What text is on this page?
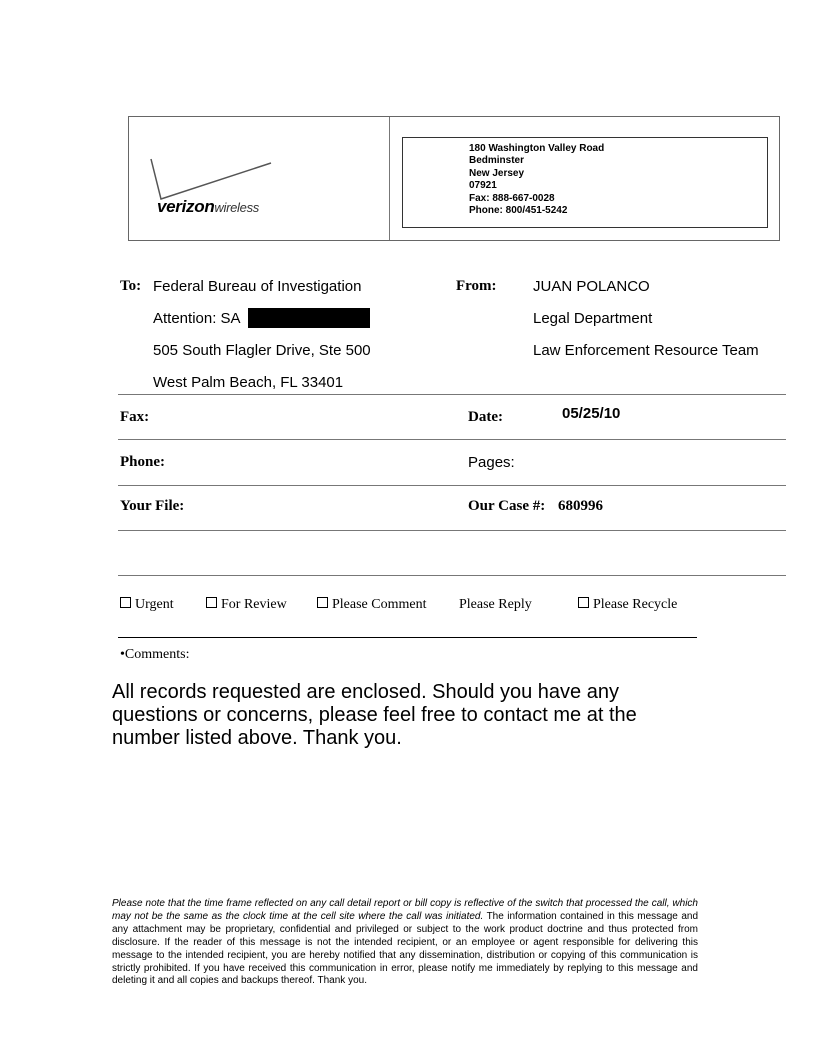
verizonwireless
180 Washington Valley Road
Bedminster
New Jersey
07921
Fax: 888-667-0028
Phone: 800/451-5242
To: Federal Bureau of Investigation
Attention: SA
505 South Flagler Drive, Ste 500
West Palm Beach, FL 33401
From: JUAN POLANCO
Legal Department
Law Enforcement Resource Team
Fax:	Date:	05/25/10
Phone:	Pages:
Your File:	Our Case #: 680996
Urgent	For Review	Please Comment Please Reply	Please Recycle
•Comments:
All records requested are enclosed. Should you have any questions or concerns, please feel free to contact me at the number listed above. Thank you.
Please note that the time frame reflected on any call detail report or bill copy is reflective of the switch that processed the call, which may not be the same as the clock time at the cell site where the call was initiated. The information contained in this message and any attachment may be proprietary, confidential and privileged or subject to the work product doctrine and thus protected from disclosure. If the reader of this message is not the intended recipient, or an employee or agent responsible for delivering this message to the intended recipient, you are hereby notified that any dissemination, distribution or copying of this communication is strictly prohibited. If you have received this communication in error, please notify me immediately by replying to this message and deleting it and all copies and backups thereof. Thank you.
